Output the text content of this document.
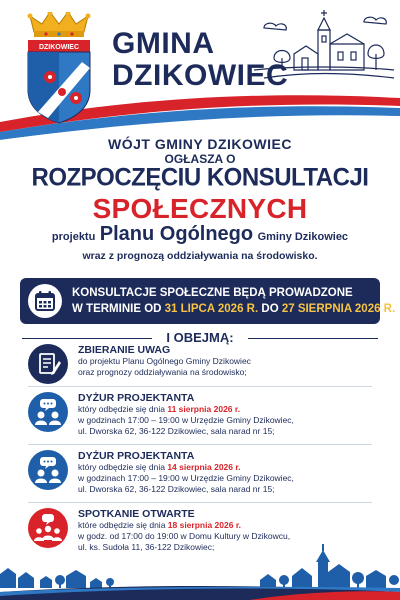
DZIKOWIEC GMINA
DZIKOWIEC
WÓJT GMINY DZIKOWIEC
OGŁASZA O
ROZPOCZĘCIU KONSULTACJI
SPOŁECZNYCH
projektu Planu Ogólnego Gminy Dzikowiec
wraz z prognozą oddziaływania na środowisko.
KONSULTACJE SPOŁECZNE BĘDĄ PROWADZONE
W TERMINIE OD 31 LIPCA 2026 R. DO 27 SIERPNIA 2026 R.
I OBEJMĄ:
ZBIERANIE UWAG
do projektu Planu Ogólnego Gminy Dzikowiec
oraz prognozy oddziaływania na środowisko;
DYŻUR PROJEKTANTA
który odbędzie się dnia 11 sierpnia 2026 r.
w godzinach 17:00 – 19:00 w Urzędzie Gminy Dzikowiec,
ul. Dworska 62, 36-122 Dzikowiec, sala narad nr 15;
DYŻUR PROJEKTANTA
który odbędzie się dnia 14 sierpnia 2026 r.
w godzinach 17:00 – 19:00 w Urzędzie Gminy Dzikowiec,
ul. Dworska 62, 36-122 Dzikowiec, sala narad nr 15;
SPOTKANIE OTWARTE
które odbędzie się dnia 18 sierpnia 2026 r.
w godz. od 17:00 do 19:00 w Domu Kultury w Dzikowcu,
ul. ks. Sudoła 11, 36-122 Dzikowiec;
